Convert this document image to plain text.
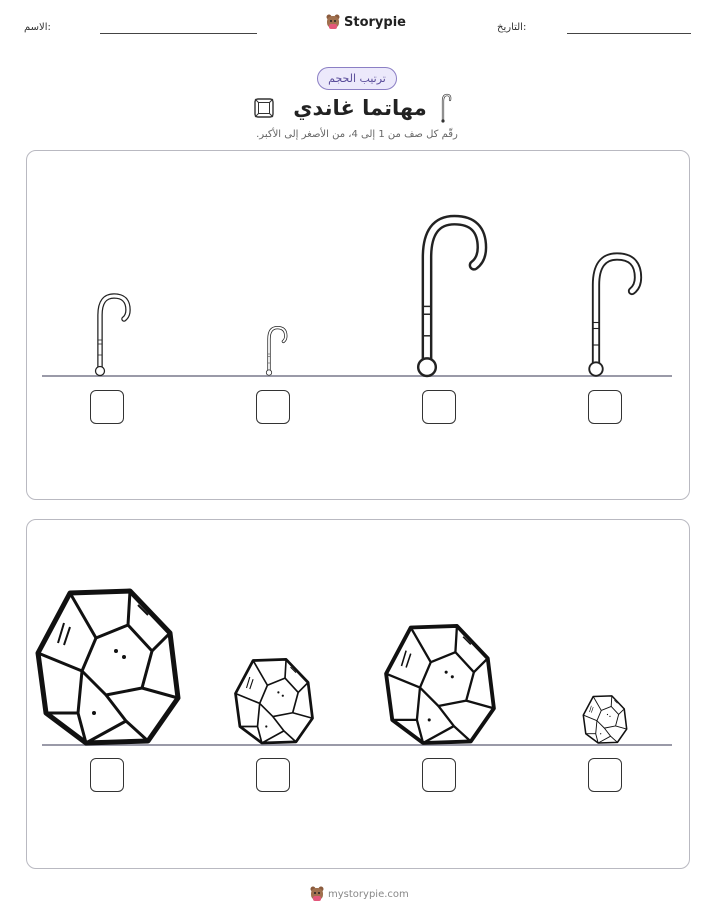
الاسم:	Storypie	التاريخ:
ترتيب الحجم
مهاتما غاندي
رقّم كل صف من 1 إلى 4، من الأصغر إلى الأكبر.
mystorypie.com
